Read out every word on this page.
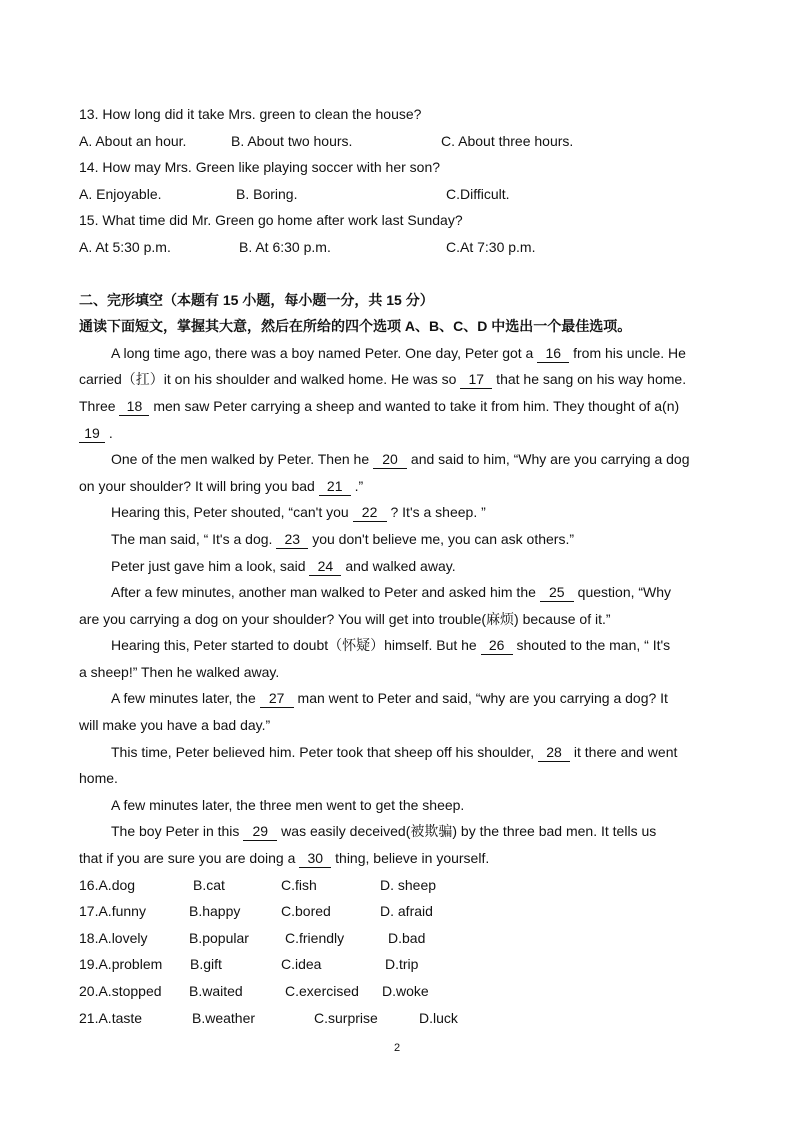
13. How long did it take Mrs. green to clean the house?
A. About an hour.	B. About two hours.	C. About three hours.
14. How may Mrs. Green like playing soccer with her son?
A. Enjoyable.	B. Boring.	C.Difficult.
15. What time did Mr. Green go home after work last Sunday?
A. At 5:30 p.m.	B. At 6:30 p.m.	C.At 7:30 p.m.
二、完形填空（本题有 15 小题，每小题一分，共 15 分）
通读下面短文，掌握其大意，然后在所给的四个选项 A、B、C、D 中选出一个最佳选项。
A long time ago, there was a boy named Peter. One day, Peter got a 16 from his uncle. He
carried（扛）it on his shoulder and walked home. He was so 17 that he sang on his way home.
Three 18 men saw Peter carrying a sheep and wanted to take it from him. They thought of a(n)
19 .
One of the men walked by Peter. Then he 20 and said to him, “Why are you carrying a dog
on your shoulder? It will bring you bad 21 .”
Hearing this, Peter shouted, “can't you 22 ? It's a sheep. ”
The man said, “ It's a dog. 23 you don't believe me, you can ask others.”
Peter just gave him a look, said 24 and walked away.
After a few minutes, another man walked to Peter and asked him the 25 question, “Why
are you carrying a dog on your shoulder? You will get into trouble(麻烦) because of it.”
Hearing this, Peter started to doubt（怀疑）himself. But he 26 shouted to the man, “ It's
a sheep!” Then he walked away.
A few minutes later, the 27 man went to Peter and said, “why are you carrying a dog? It
will make you have a bad day.”
This time, Peter believed him. Peter took that sheep off his shoulder, 28 it there and went
home.
A few minutes later, the three men went to get the sheep.
The boy Peter in this 29 was easily deceived(被欺骗) by the three bad men. It tells us
that if you are sure you are doing a 30 thing, believe in yourself.
16.A.dog	B.cat	C.fish	D. sheep
17.A.funny	B.happy	C.bored	D. afraid
18.A.lovely	B.popular	C.friendly	D.bad
19.A.problem B.gift	C.idea	D.trip
20.A.stopped B.waited	C.exercised D.woke
21.A.taste	B.weather	C.surprise	D.luck
2
